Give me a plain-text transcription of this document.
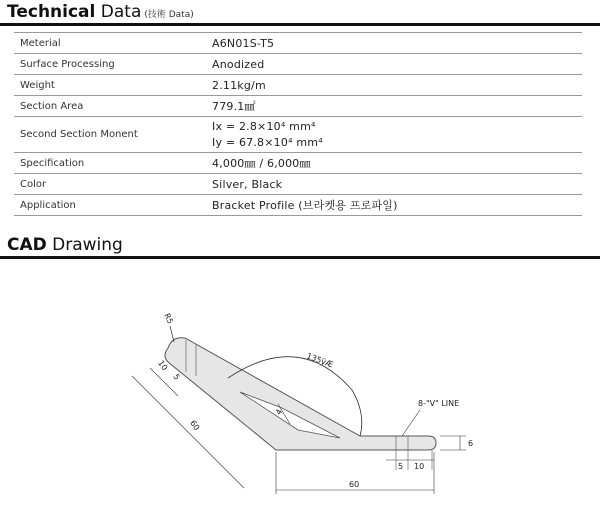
Technical Data (技術 Data)
Meterial	A6N01S-T5
Surface Processing	Anodized
Weight	2.11kg/m
Section Area	779.1㎟
Second Section Monent	Ix = 2.8×10⁴ mm⁴
Iy = 67.8×10⁴ mm⁴

Specification	4,000㎜ / 6,000㎜
Color	Silver, Black
Application	Bracket Profile (브라켓용 프로파일)
CAD Drawing
135ÿÆ
R5
10
5
60
4
8-"V" LINE
6
5 10
60
